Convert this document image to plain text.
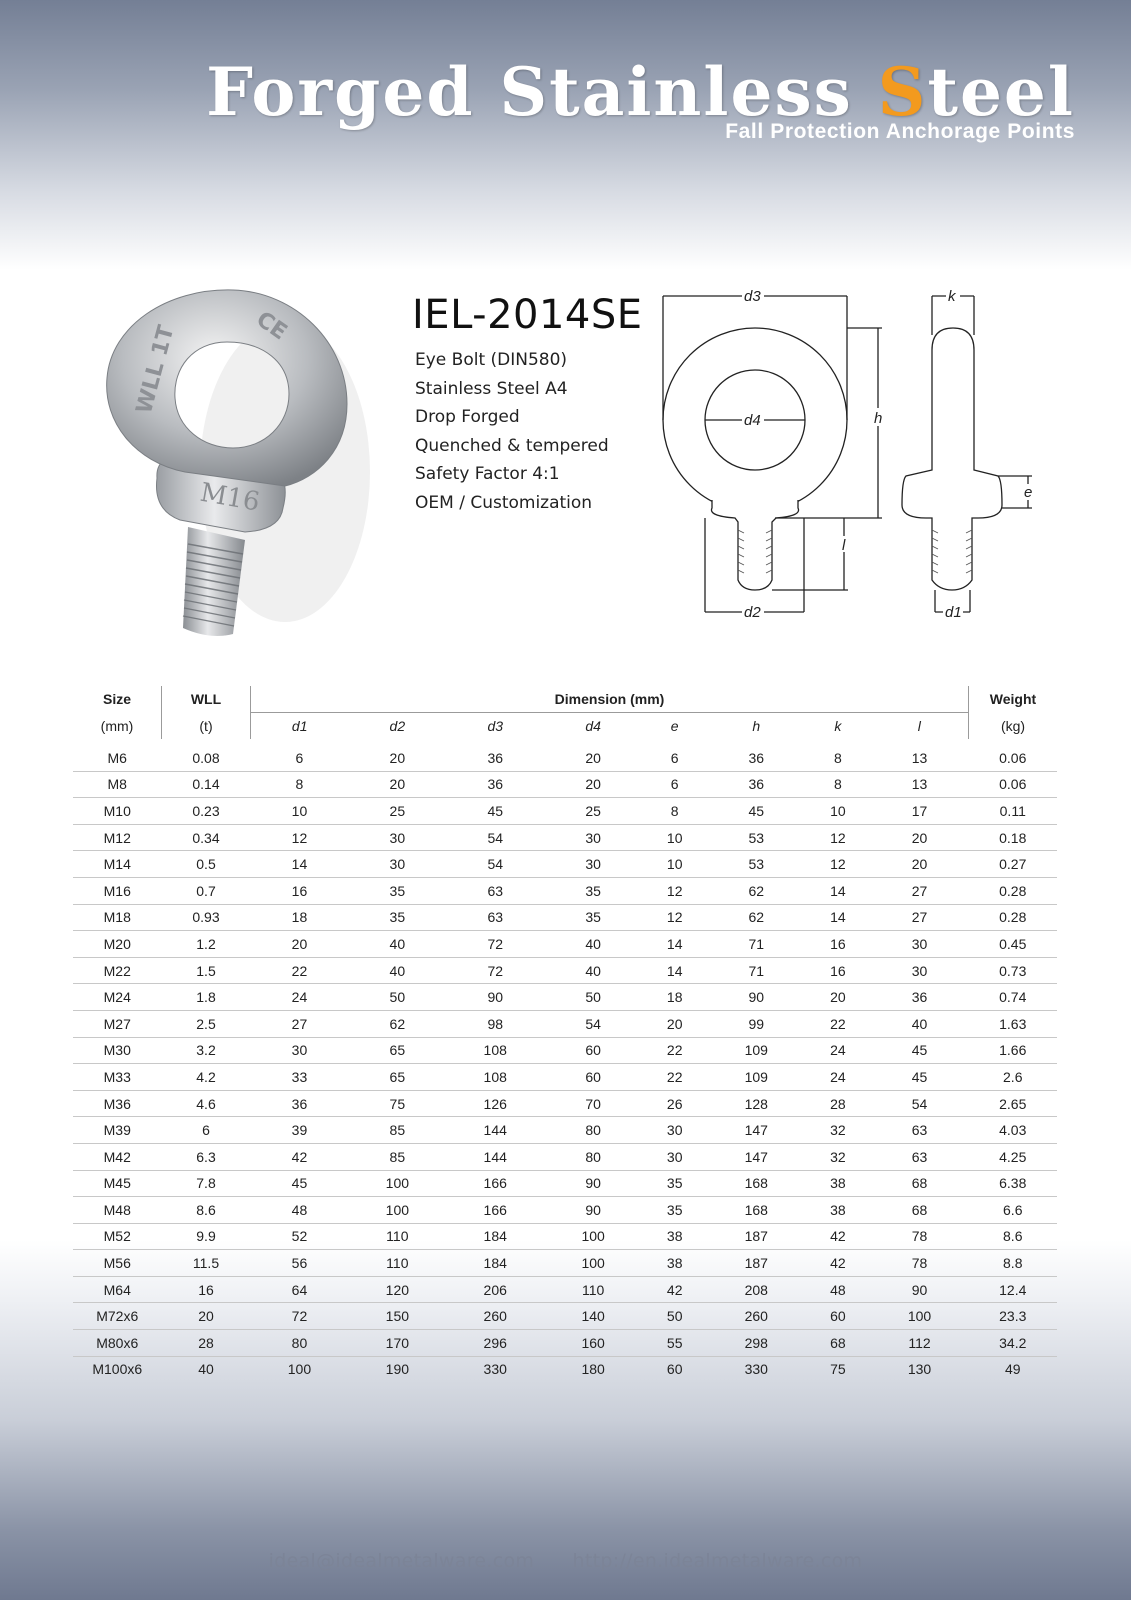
Forged Stainless Steel
Fall Protection Anchorage Points
M16
WLL 1T	CE	IEL-2014SE
Eye Bolt (DIN580)
Stainless Steel A4
Drop Forged
Quenched & tempered
Safety Factor 4:1
OEM / Customization
d3
d4	h
l
d2
k
e
d1
Size	WLL	Dimension (mm)								Weight
(mm)	(t)	d1	d2	d3	d4	e	h	k	l	(kg)
M6	0.08	6	20	36	20	6	36	8	13	0.06
M8	0.14	8	20	36	20	6	36	8	13	0.06
M10	0.23	10	25	45	25	8	45	10	17	0.11
M12	0.34	12	30	54	30	10	53	12	20	0.18
M14	0.5	14	30	54	30	10	53	12	20	0.27
M16	0.7	16	35	63	35	12	62	14	27	0.28
M18	0.93	18	35	63	35	12	62	14	27	0.28
M20	1.2	20	40	72	40	14	71	16	30	0.45
M22	1.5	22	40	72	40	14	71	16	30	0.73
M24	1.8	24	50	90	50	18	90	20	36	0.74
M27	2.5	27	62	98	54	20	99	22	40	1.63
M30	3.2	30	65	108	60	22	109	24	45	1.66
M33	4.2	33	65	108	60	22	109	24	45	2.6
M36	4.6	36	75	126	70	26	128	28	54	2.65
M39	6	39	85	144	80	30	147	32	63	4.03
M42	6.3	42	85	144	80	30	147	32	63	4.25
M45	7.8	45	100	166	90	35	168	38	68	6.38
M48	8.6	48	100	166	90	35	168	38	68	6.6
M52	9.9	52	110	184	100	38	187	42	78	8.6
M56	11.5	56	110	184	100	38	187	42	78	8.8
M64	16	64	120	206	110	42	208	48	90	12.4
M72x6	20	72	150	260	140	50	260	60	100	23.3
M80x6	28	80	170	296	160	55	298	68	112	34.2
M100x6	40	100	190	330	180	60	330	75	130	49
ideal@idealmetalware.com http://en.idealmetalware.com
